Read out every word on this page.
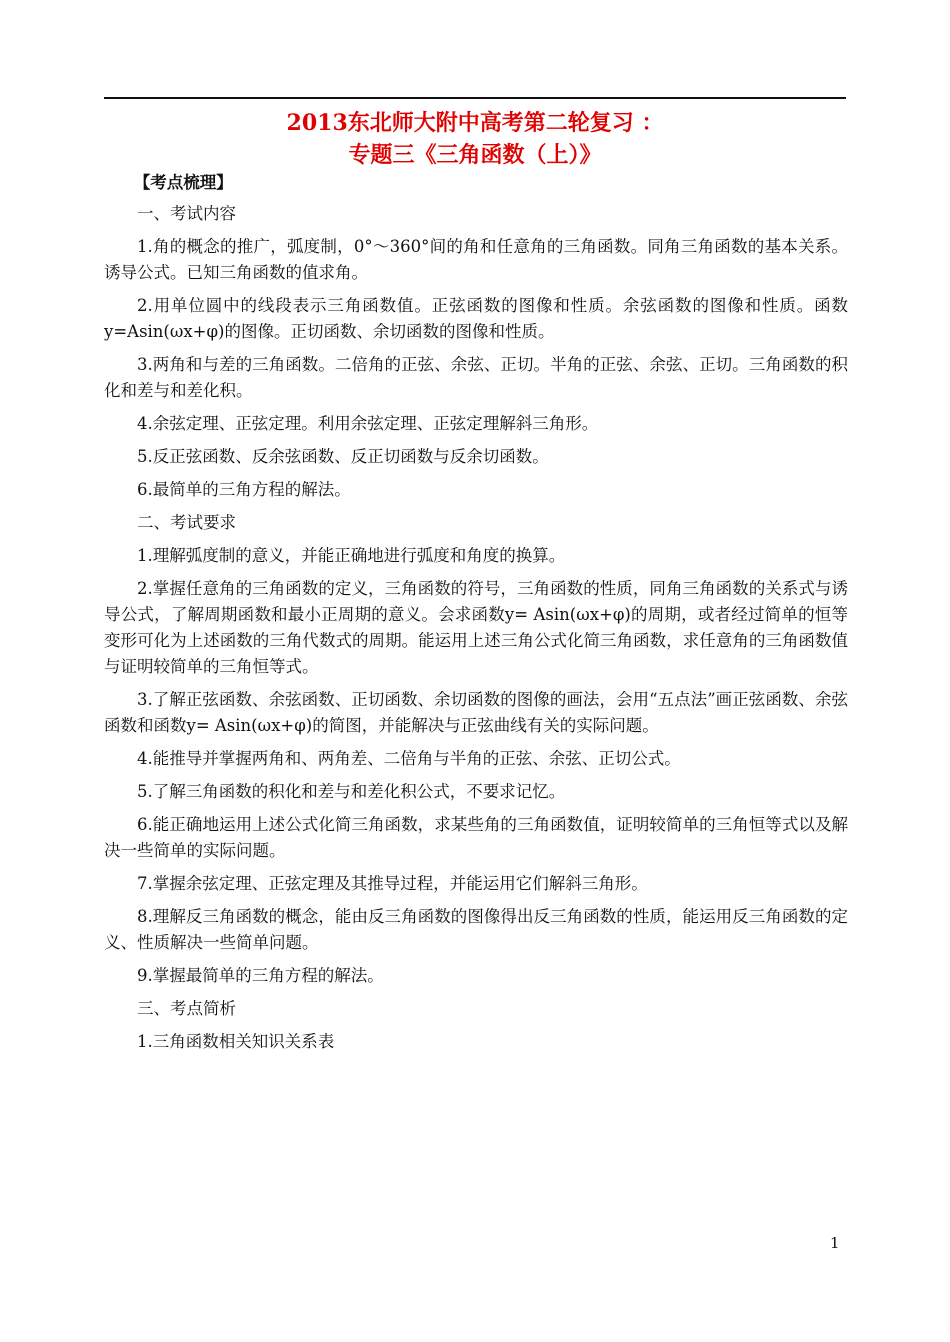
2013东北师大附中高考第二轮复习 ：
专题三《三角函数（上）》
【考点梳理】
一、考试内容
1.角的概念的推广，弧度制，0°～360°间的角和任意角的三角函数。同角三角函数的基本关系。诱导公式。已知三角函数的值求角。
2.用单位圆中的线段表示三角函数值。正弦函数的图像和性质。余弦函数的图像和性质。函数y=Asin(ωx+φ)的图像。正切函数、余切函数的图像和性质。
3.两角和与差的三角函数。二倍角的正弦、余弦、正切。半角的正弦、余弦、正切。三角函数的积化和差与和差化积。
4.余弦定理、正弦定理。利用余弦定理、正弦定理解斜三角形。
5.反正弦函数、反余弦函数、反正切函数与反余切函数。
6.最简单的三角方程的解法。
二、考试要求
1.理解弧度制的意义，并能正确地进行弧度和角度的换算。
2.掌握任意角的三角函数的定义，三角函数的符号，三角函数的性质，同角三角函数的关系式与诱导公式，了解周期函数和最小正周期的意义。会求函数y= Asin(ωx+φ)的周期，或者经过简单的恒等变形可化为上述函数的三角代数式的周期。能运用上述三角公式化简三角函数，求任意角的三角函数值与证明较简单的三角恒等式。
3.了解正弦函数、余弦函数、正切函数、余切函数的图像的画法，会用“五点法”画正弦函数、余弦函数和函数y= Asin(ωx+φ)的简图，并能解决与正弦曲线有关的实际问题。
4.能推导并掌握两角和、两角差、二倍角与半角的正弦、余弦、正切公式。
5.了解三角函数的积化和差与和差化积公式，不要求记忆。
6.能正确地运用上述公式化简三角函数，求某些角的三角函数值，证明较简单的三角恒等式以及解决一些简单的实际问题。
7.掌握余弦定理、正弦定理及其推导过程，并能运用它们解斜三角形。
8.理解反三角函数的概念，能由反三角函数的图像得出反三角函数的性质，能运用反三角函数的定义、性质解决一些简单问题。
9.掌握最简单的三角方程的解法。
三、考点简析
1.三角函数相关知识关系表
1
